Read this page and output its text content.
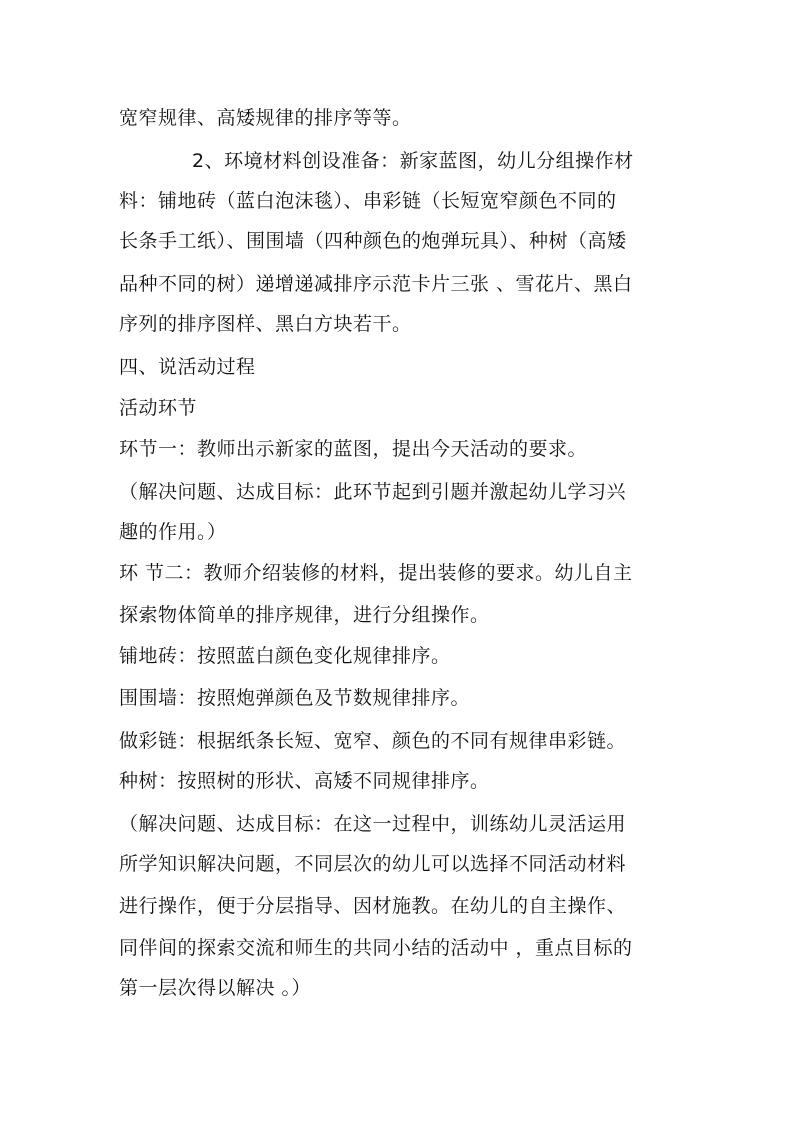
宽窄规律、高矮规律的排序等等。
2、环境材料创设准备：新家蓝图，幼儿分组操作材
料：铺地砖（蓝白泡沫毯）、串彩链（长短宽窄颜色不同的
长条手工纸）、围围墙（四种颜色的炮弹玩具）、种树（高矮
品种不同的树）递增递减排序示范卡片三张 、雪花片、黑白
序列的排序图样、黑白方块若干。
四、说活动过程
活动环节
环节一：教师出示新家的蓝图，提出今天活动的要求。
（解决问题、达成目标：此环节起到引题并激起幼儿学习兴
趣的作用。）
环 节二：教师介绍装修的材料，提出装修的要求。幼儿自主
探索物体简单的排序规律，进行分组操作。
铺地砖：按照蓝白颜色变化规律排序。
围围墙：按照炮弹颜色及节数规律排序。
做彩链：根据纸条长短、宽窄、颜色的不同有规律串彩链。
种树：按照树的形状、高矮不同规律排序。
（解决问题、达成目标：在这一过程中，训练幼儿灵活运用
所学知识解决问题，不同层次的幼儿可以选择不同活动材料
进行操作，便于分层指导、因材施教。在幼儿的自主操作、
同伴间的探索交流和师生的共同小结的活动中 ，重点目标的
第一层次得以解决 。）
